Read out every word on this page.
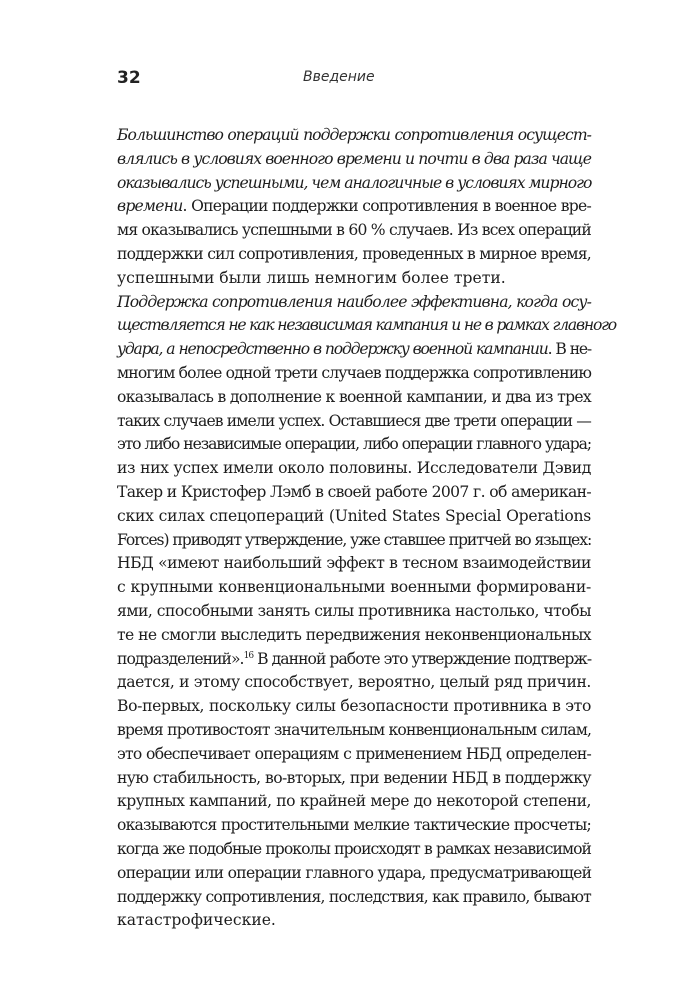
32	Введение

Большинство операций поддержки сопротивления осущест-
влялись в условиях военного времени и почти в два раза чаще
оказывались успешными, чем аналогичные в условиях мирного
времени. Операции поддержки сопротивления в военное вре-
мя оказывались успешными в 60 % случаев. Из всех операций
поддержки сил сопротивления, проведенных в мирное время,
успешными были лишь немногим более трети.

Поддержка сопротивления наиболее эффективна, когда осу-
ществляется не как независимая кампания и не в рамках главного
удара, а непосредственно в поддержку военной кампании. В не-
многим более одной трети случаев поддержка сопротивлению
оказывалась в дополнение к военной кампании, и два из трех
таких случаев имели успех. Оставшиеся две трети операции —
это либо независимые операции, либо операции главного удара;
из них успех имели около половины. Исследователи Дэвид
Такер и Кристофер Лэмб в своей работе 2007 г. об американ-
ских силах спецопераций (United States Special Operations
Forces) приводят утверждение, уже ставшее притчей во языцех:
НБД «имеют наибольший эффект в тесном взаимодействии
с крупными конвенциональными военными формировани-
ями, способными занять силы противника настолько, чтобы
те не смогли выследить передвижения неконвенциональных
подразделений».$^{16}$ В данной работе это утверждение подтверж-
дается, и этому способствует, вероятно, целый ряд причин.
Во-первых, поскольку силы безопасности противника в это
время противостоят значительным конвенциональным силам,
это обеспечивает операциям с применением НБД определен-
ную стабильность, во-вторых, при ведении НБД в поддержку
крупных кампаний, по крайней мере до некоторой степени,
оказываются простительными мелкие тактические просчеты;
когда же подобные проколы происходят в рамках независимой
операции или операции главного удара, предусматривающей
поддержку сопротивления, последствия, как правило, бывают
катастрофические.
